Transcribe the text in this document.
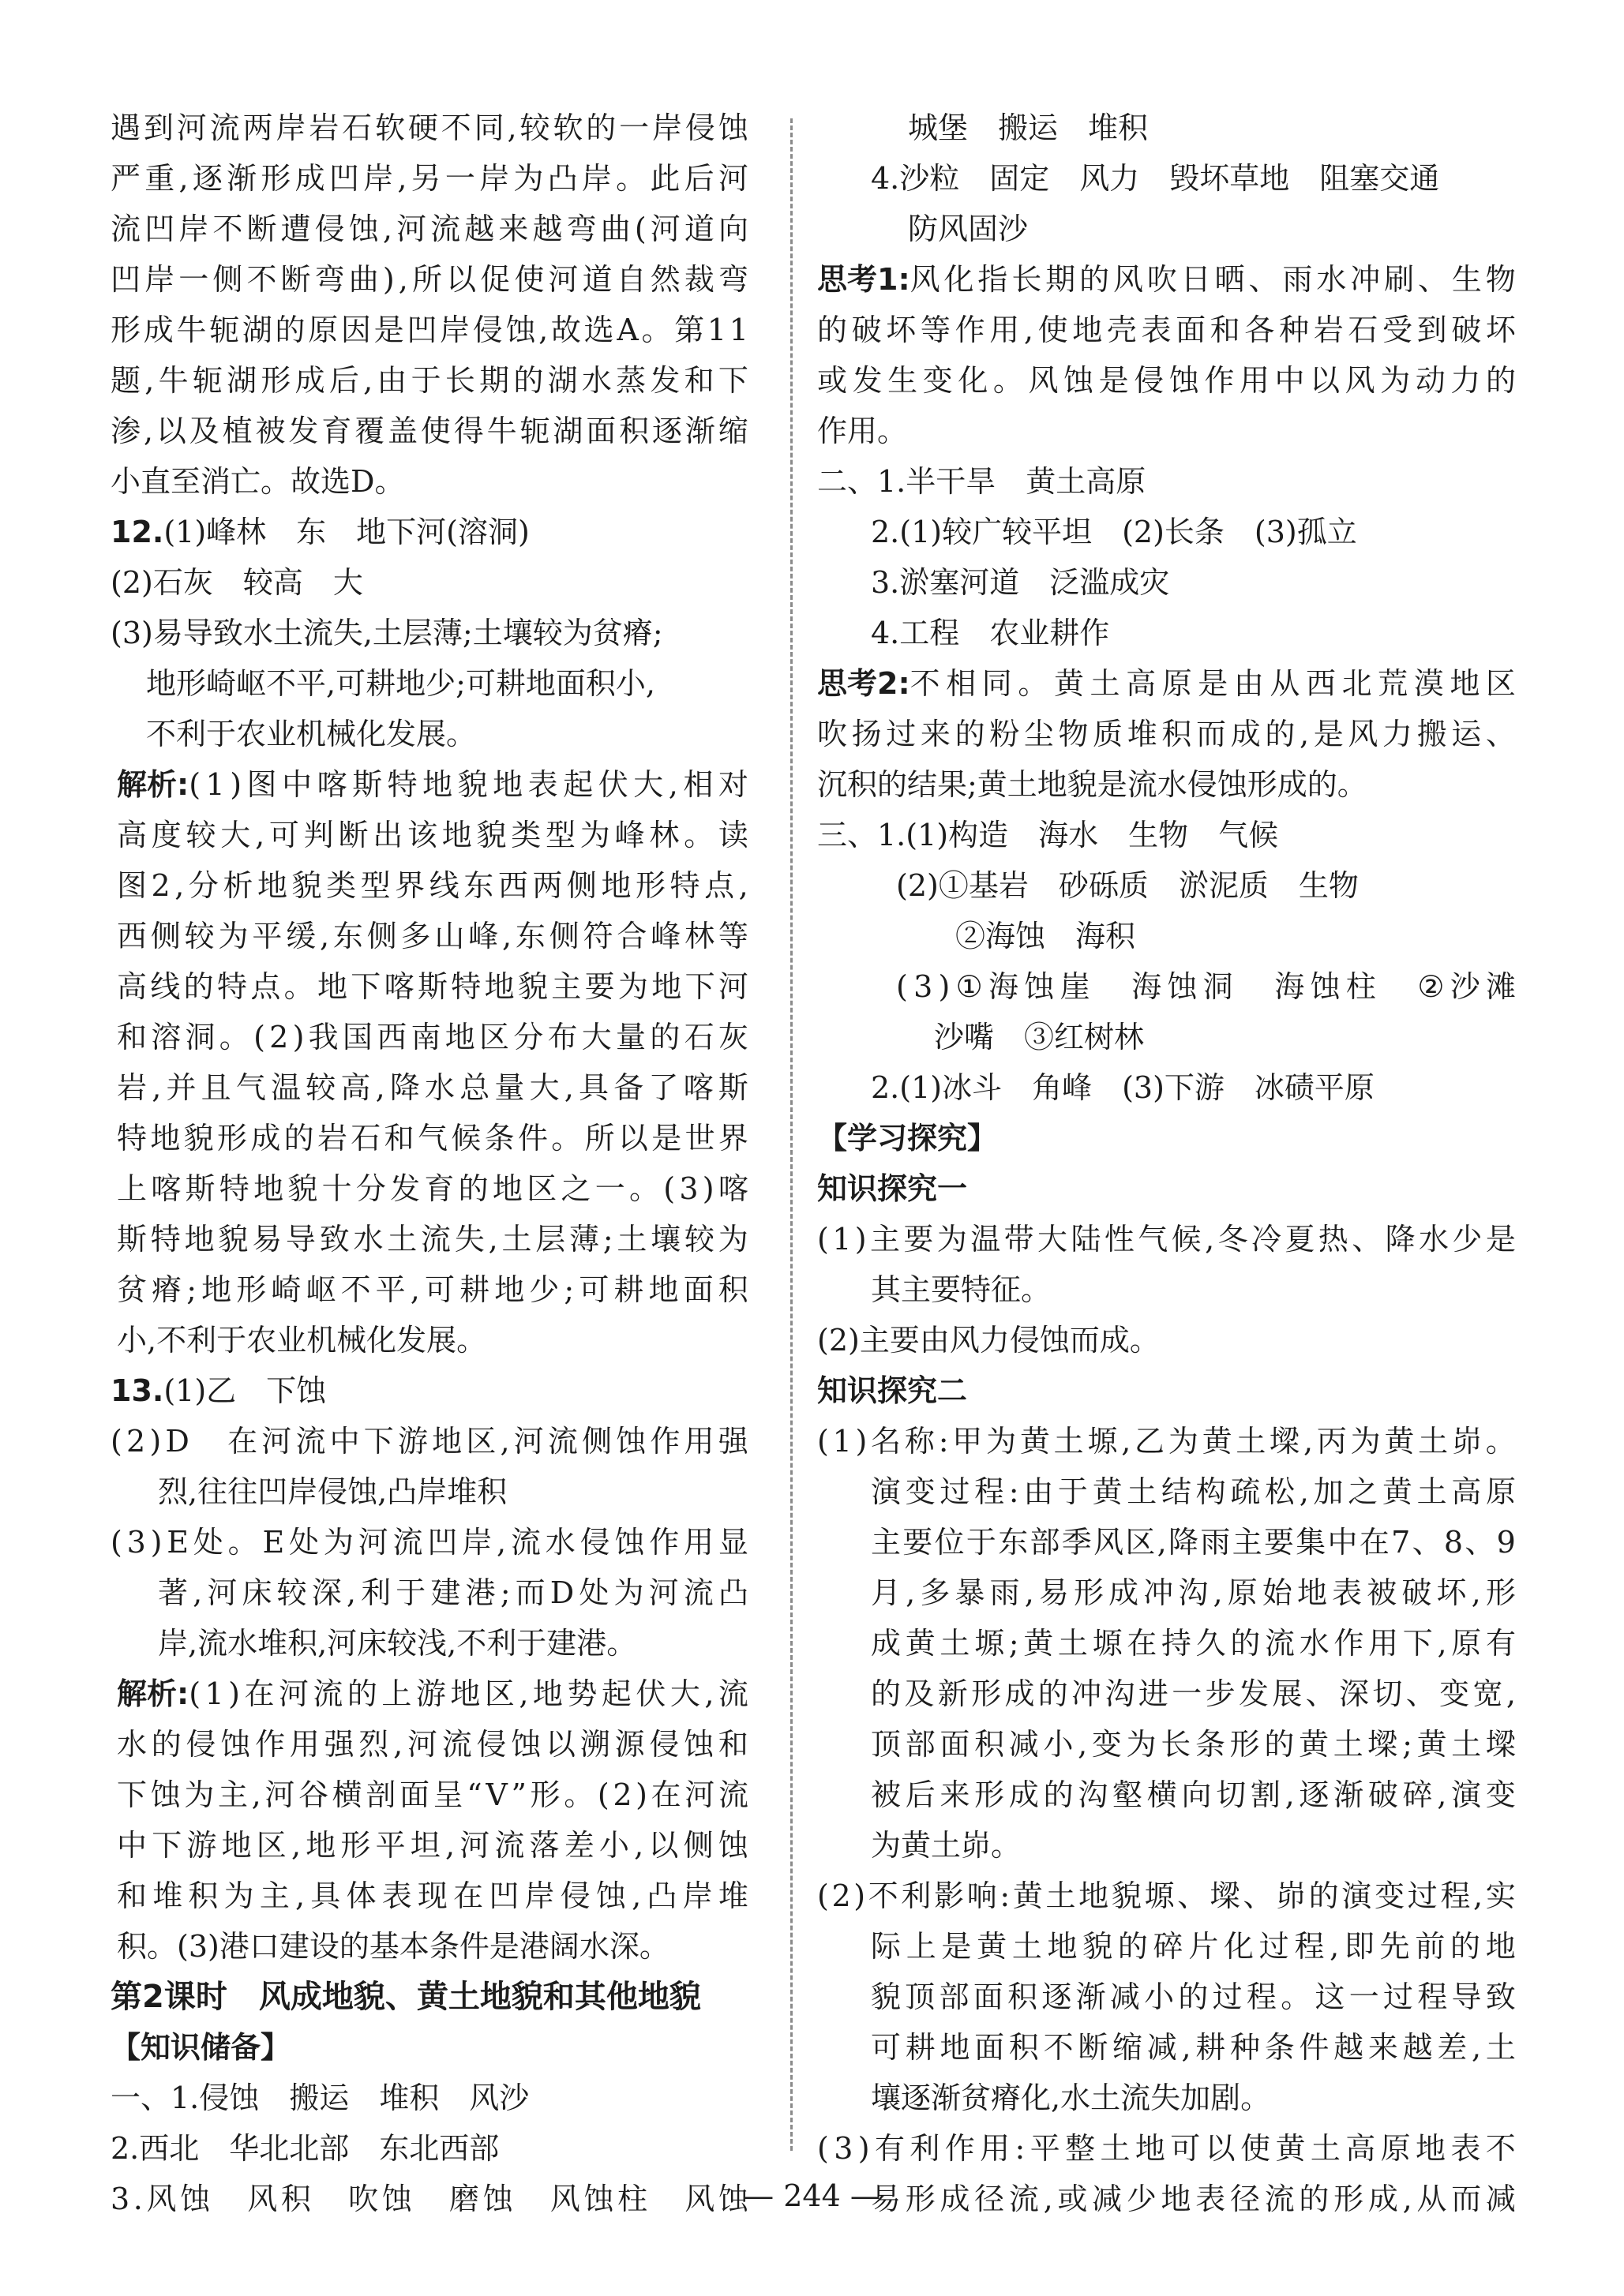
遇 到 河 流 两 岸 岩 石 软 硬 不 同 , 较 软 的 一 岸 侵 蚀
严 重 , 逐 渐 形 成 凹 岸 , 另 一 岸 为 凸 岸 。 此 后 河
流 凹 岸 不 断 遭 侵 蚀 , 河 流 越 来 越 弯 曲 ( 河 道 向
凹 岸 一 侧 不 断 弯 曲 ) , 所 以 促 使 河 道 自 然 裁 弯
形 成 牛 轭 湖 的 原 因 是 凹 岸 侵 蚀 , 故 选 A 。 第 1 1
题 , 牛 轭 湖 形 成 后 , 由 于 长 期 的 湖 水 蒸 发 和 下
渗 , 以 及 植 被 发 育 覆 盖 使 得 牛 轭 湖 面 积 逐 渐 缩
小直至消亡。故选D。
12.(1)峰林　东　地下河(溶洞)
(2)石灰　较高　大
(3)易导致水土流失,土层薄;土壤较为贫瘠;
地形崎岖不平,可耕地少;可耕地面积小,
不利于农业机械化发展。
解析: ( 1 ) 图 中 喀 斯 特 地 貌 地 表 起 伏 大 , 相 对
高 度 较 大 , 可 判 断 出 该 地 貌 类 型 为 峰 林 。 读
图 2 , 分 析 地 貌 类 型 界 线 东 西 两 侧 地 形 特 点 ,
西 侧 较 为 平 缓 , 东 侧 多 山 峰 , 东 侧 符 合 峰 林 等
高 线 的 特 点 。 地 下 喀 斯 特 地 貌 主 要 为 地 下 河
和 溶 洞 。 ( 2 ) 我 国 西 南 地 区 分 布 大 量 的 石 灰
岩 , 并 且 气 温 较 高 , 降 水 总 量 大 , 具 备 了 喀 斯
特 地 貌 形 成 的 岩 石 和 气 候 条 件 。 所 以 是 世 界
上 喀 斯 特 地 貌 十 分 发 育 的 地 区 之 一 。 ( 3 ) 喀
斯 特 地 貌 易 导 致 水 土 流 失 , 土 层 薄 ; 土 壤 较 为
贫 瘠 ; 地 形 崎 岖 不 平 , 可 耕 地 少 ; 可 耕 地 面 积
小,不利于农业机械化发展。
13.(1)乙　下蚀
( 2 ) D
　 在 河 流 中 下 游 地 区 , 河 流 侧 蚀 作 用 强
烈,往往凹岸侵蚀,凸岸堆积
( 3 ) E 处 。 E 处 为 河 流 凹 岸 , 流 水 侵 蚀 作 用 显
著 , 河 床 较 深 , 利 于 建 港 ; 而 D 处 为 河 流 凸
岸,流水堆积,河床较浅,不利于建港。
解析: ( 1 ) 在 河 流 的 上 游 地 区 , 地 势 起 伏 大 , 流
水 的 侵 蚀 作 用 强 烈 , 河 流 侵 蚀 以 溯 源 侵 蚀 和
下 蚀 为 主 , 河 谷 横 剖 面 呈 “ V ” 形 。 ( 2 ) 在 河 流
中 下 游 地 区 , 地 形 平 坦 , 河 流 落 差 小 , 以 侧 蚀
和 堆 积 为 主 , 具 体 表 现 在 凹 岸 侵 蚀 , 凸 岸 堆
积。(3)港口建设的基本条件是港阔水深。
第2课时　风成地貌、黄土地貌和其他地貌
【知识储备】
一、1.侵蚀　搬运　堆积　风沙
2.西北　华北北部　东北西部
3 . 风 蚀
　 风 积
　 吹 蚀
　 磨 蚀
　 风 蚀 柱
　 风 蚀
城堡　搬运　堆积
4.沙粒　固定　风力　毁坏草地　阻塞交通
防风固沙
思考1: 风 化 指 长 期 的 风 吹 日 晒 、 雨 水 冲 刷 、 生 物
的 破 坏 等 作 用 , 使 地 壳 表 面 和 各 种 岩 石 受 到 破 坏
或 发 生 变 化 。 风 蚀 是 侵 蚀 作 用 中 以 风 为 动 力 的
作用。
二、1.半干旱　黄土高原
2.(1)较广较平坦　(2)长条　(3)孤立
3.淤塞河道　泛滥成灾
4.工程　农业耕作
思考2: 不 相 同 。 黄 土 高 原 是 由 从 西 北 荒 漠 地 区
吹 扬 过 来 的 粉 尘 物 质 堆 积 而 成 的 , 是 风 力 搬 运 、
沉积的结果;黄土地貌是流水侵蚀形成的。
三、1.(1)构造　海水　生物　气候
(2)①基岩　砂砾质　淤泥质　生物
②海蚀　海积
( 3 ) ① 海 蚀 崖
　 海 蚀 洞
　 海 蚀 柱
　 ② 沙 滩
沙嘴　③红树林
2.(1)冰斗　角峰　(3)下游　冰碛平原
【学习探究】
知识探究一
( 1 ) 主 要 为 温 带 大 陆 性 气 候 , 冬 冷 夏 热 、 降 水 少 是
其主要特征。
(2)主要由风力侵蚀而成。
知识探究二
( 1 ) 名 称 : 甲 为 黄 土 塬 , 乙 为 黄 土 墚 , 丙 为 黄 土 峁 。
演 变 过 程 : 由 于 黄 土 结 构 疏 松 , 加 之 黄 土 高 原
主 要 位 于 东 部 季 风 区 , 降 雨 主 要 集 中 在 7 、 8 、 9
月 , 多 暴 雨 , 易 形 成 冲 沟 , 原 始 地 表 被 破 坏 , 形
成 黄 土 塬 ; 黄 土 塬 在 持 久 的 流 水 作 用 下 , 原 有
的 及 新 形 成 的 冲 沟 进 一 步 发 展 、 深 切 、 变 宽 ,
顶 部 面 积 减 小 , 变 为 长 条 形 的 黄 土 墚 ; 黄 土 墚
被 后 来 形 成 的 沟 壑 横 向 切 割 , 逐 渐 破 碎 , 演 变
为黄土峁。
( 2 ) 不 利 影 响 : 黄 土 地 貌 塬 、 墚 、 峁 的 演 变 过 程 , 实
际 上 是 黄 土 地 貌 的 碎 片 化 过 程 , 即 先 前 的 地
貌 顶 部 面 积 逐 渐 减 小 的 过 程 。 这 一 过 程 导 致
可 耕 地 面 积 不 断 缩 减 , 耕 种 条 件 越 来 越 差 , 土
壤逐渐贫瘠化,水土流失加剧。
( 3 ) 有 利 作 用 : 平 整 土 地 可 以 使 黄 土 高 原 地 表 不
易 形 成 径 流 , 或 减 少 地 表 径 流 的 形 成 , 从 而 减
— 244 —
